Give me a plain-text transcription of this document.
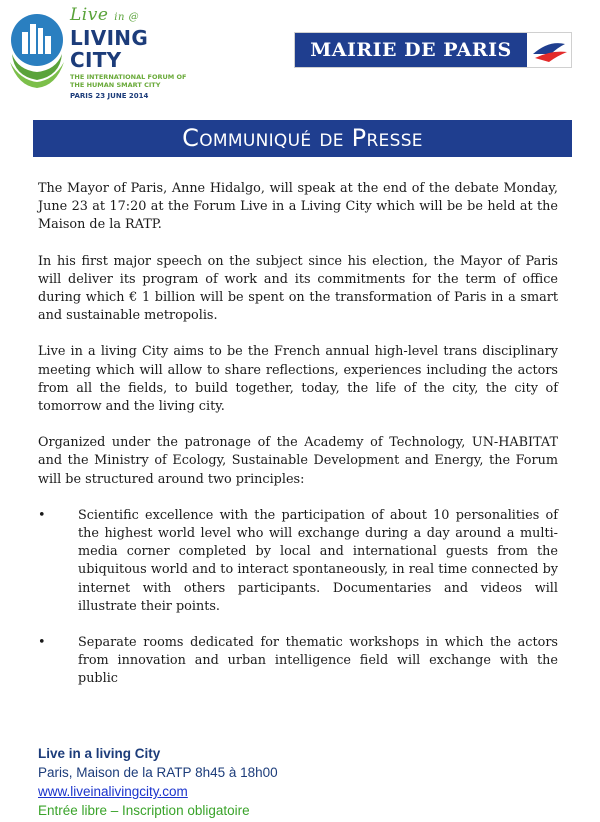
Live in @
LIVING CITY
THE INTERNATIONAL FORUM OF THE HUMAN SMART CITY
PARIS 23 JUNE 2014
MAIRIE DE PARIS
Communiqué de Presse

The Mayor of Paris, Anne Hidalgo, will speak at the end of the debate Monday, June 23 at 17:20 at the Forum Live in a Living City which will be be held at the Maison de la RATP.

In his first major speech on the subject since his election, the Mayor of Paris will deliver its program of work and its commitments for the term of office during which € 1 billion will be spent on the transformation of Paris in a smart and sustainable metropolis.

Live in a living City aims to be the French annual high-level trans disciplinary meeting which will allow to share reflections, experiences including the actors from all the fields, to build together, today, the life of the city, the city of tomorrow and the living city.

Organized under the patronage of the Academy of Technology, UN-HABITAT and the Ministry of Ecology, Sustainable Development and Energy, the Forum will be structured around two principles:

•	Scientific excellence with the participation of about 10 personalities of the highest world level who will exchange during a day around a multi-media corner completed by local and international guests from the ubiquitous world and to interact spontaneously, in real time connected by internet with others participants. Documentaries and videos will illustrate their points.
•	Separate rooms dedicated for thematic workshops in which the actors from innovation and urban intelligence field will exchange with the public
Live in a living City
Paris, Maison de la RATP 8h45 à 18h00
www.liveinalivingcity.com
Entrée libre – Inscription obligatoire
